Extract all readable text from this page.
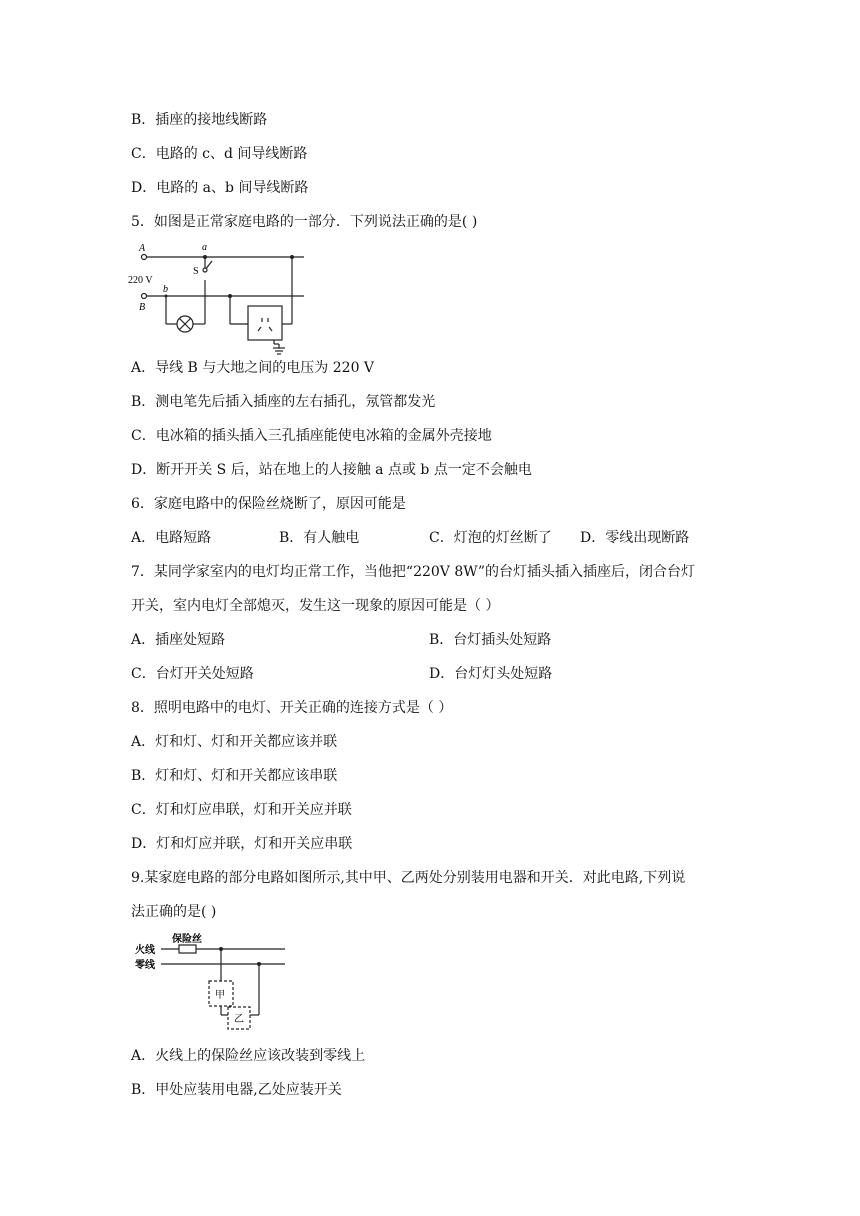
B．插座的接地线断路
C．电路的 c、d 间导线断路
D．电路的 a、b 间导线断路
5．如图是正常家庭电路的一部分．下列说法正确的是( )
A	a
S
220 V
b
B
A．导线 B 与大地之间的电压为 220 V
B．测电笔先后插入插座的左右插孔，氖管都发光
C．电冰箱的插头插入三孔插座能使电冰箱的金属外壳接地
D．断开开关 S 后，站在地上的人接触 a 点或 b 点一定不会触电
6．家庭电路中的保险丝烧断了，原因可能是
A．电路短路	B．有人触电	C．灯泡的灯丝断了 D．零线出现断路
7．某同学家室内的电灯均正常工作，当他把“220V 8W”的台灯插头插入插座后，闭合台灯
开关，室内电灯全部熄灭，发生这一现象的原因可能是（ ）
A．插座处短路	B．台灯插头处短路
C．台灯开关处短路	D．台灯灯头处短路
8．照明电路中的电灯、开关正确的连接方式是（ ）
A．灯和灯、灯和开关都应该并联
B．灯和灯、灯和开关都应该串联
C．灯和灯应串联，灯和开关应并联
D．灯和灯应并联，灯和开关应串联
9.某家庭电路的部分电路如图所示,其中甲、乙两处分别装用电器和开关．对此电路,下列说
法正确的是( )
火线
保险丝
零线
甲
乙
A．火线上的保险丝应该改装到零线上
B．甲处应装用电器,乙处应装开关
